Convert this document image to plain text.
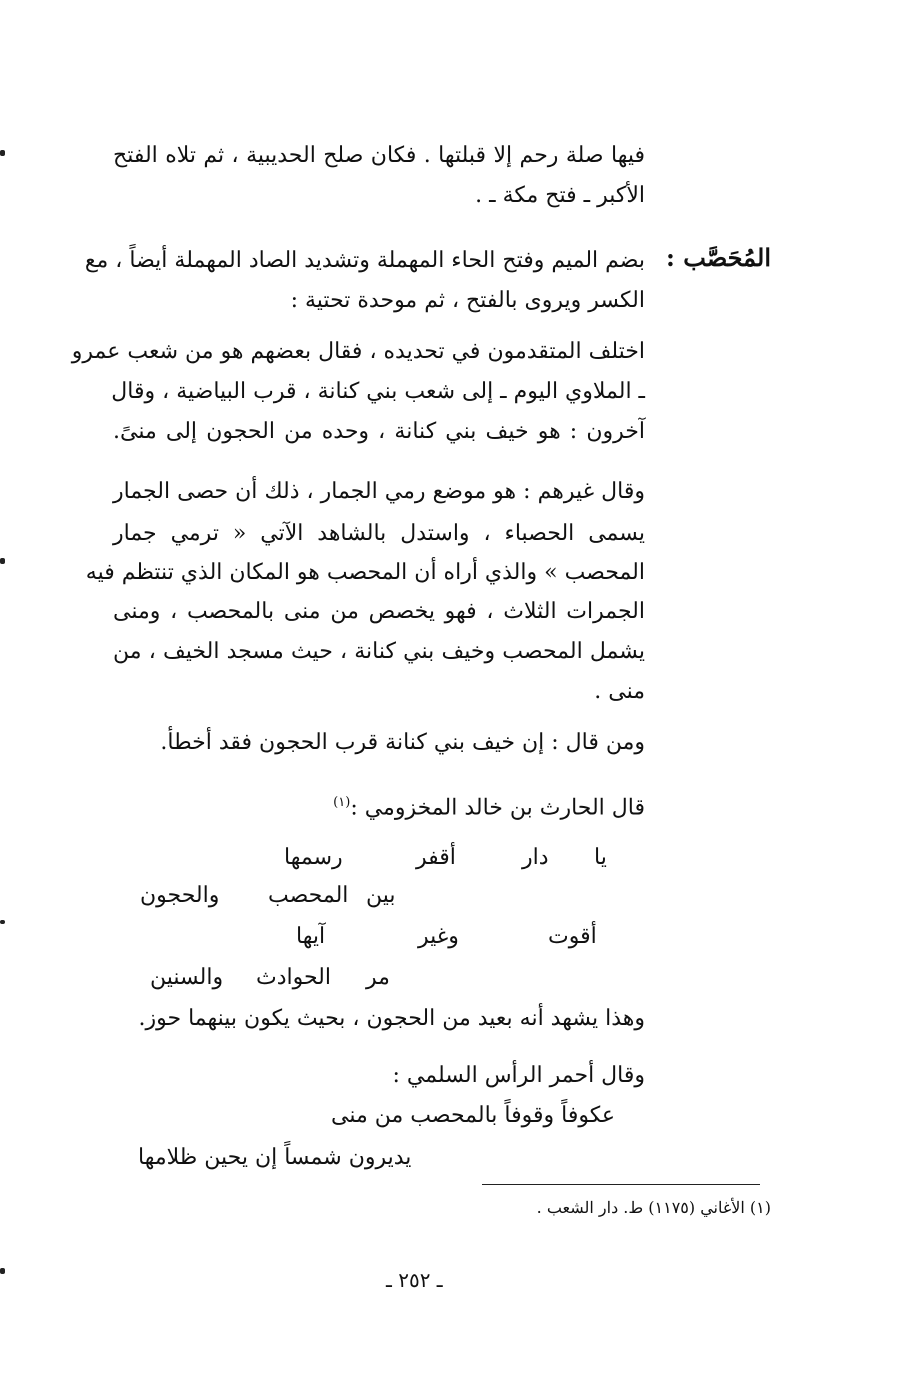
فيها صلة رحم إلا قبلتها . فكان صلح الحديبية ، ثم تلاه الفتح
الأكبر ـ فتح مكة ـ .
المُحَصَّب :
بضم الميم وفتح الحاء المهملة وتشديد الصاد المهملة أيضاً ، مع
الكسر ويروى بالفتح ، ثم موحدة تحتية :
اختلف المتقدمون في تحديده ، فقال بعضهم هو من شعب عمرو
ـ الملاوي اليوم ـ إلى شعب بني كنانة ، قرب البياضية ، وقال
آخرون : هو خيف بني كنانة ، وحده من الحجون إلى منىً.
وقال غيرهم : هو موضع رمي الجمار ، ذلك أن حصى الجمار
يسمى الحصباء ، واستدل بالشاهد الآتي « ترمي جمار
المحصب » والذي أراه أن المحصب هو المكان الذي تنتظم فيه
الجمرات الثلاث ، فهو يخصص من منى بالمحصب ، ومنى
يشمل المحصب وخيف بني كنانة ، حيث مسجد الخيف ، من
منى .
ومن قال : إن خيف بني كنانة قرب الحجون فقد أخطأ.
قال الحارث بن خالد المخزومي :$^{(١)}$
يا
دار
أقفر
رسمها
بين
المحصب
والحجون
أقوت
وغير
آيها
مر
الحوادث
والسنين
وهذا يشهد أنه بعيد من الحجون ، بحيث يكون بينهما حوز.
وقال أحمر الرأس السلمي :
عكوفاً وقوفاً بالمحصب من منى
يديرون شمساً إن يحين ظلامها
(١) الأغاني (١١٧٥) ط. دار الشعب .
ـ ٢٥٢ ـ
